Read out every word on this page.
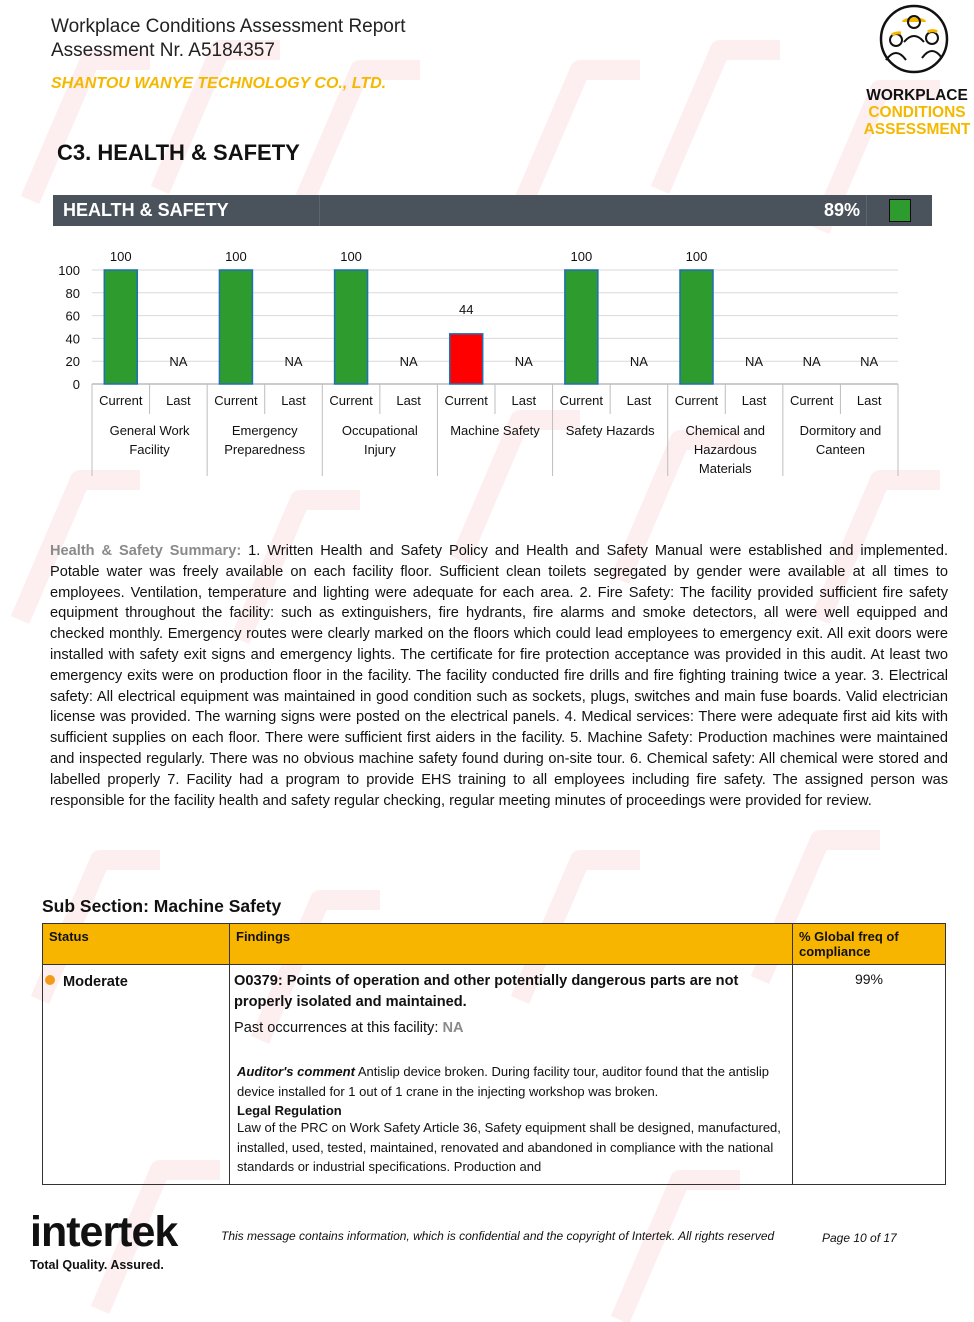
Workplace Conditions Assessment Report
Assessment Nr. A5184357
SHANTOU WANYE TECHNOLOGY CO., LTD.
WORKPLACE
CONDITIONS
ASSESSMENT
C3. HEALTH & SAFETY
HEALTH & SAFETY	89%
0
20
40
60
80
100
100
NA
Current Last
General Work
Facility
100
NA
Current Last
Emergency
Preparedness
100
NA
Current Last
Occupational
Injury
44
NA
Current Last
Machine Safety
100
NA
Current Last
Safety Hazards
100
NA
Current Last
Chemical and
Hazardous
Materials
NA	NA
Current Last
Dormitory and
Canteen
Health & Safety Summary: 1. Written Health and Safety Policy and Health and Safety Manual were established and implemented. Potable water was freely available on each facility floor. Sufficient clean toilets segregated by gender were available at all times to employees. Ventilation, temperature and lighting were adequate for each area. 2. Fire Safety: The facility provided sufficient fire safety equipment throughout the facility: such as extinguishers, fire hydrants, fire alarms and smoke detectors, all were well equipped and checked monthly. Emergency routes were clearly marked on the floors which could lead employees to emergency exit. All exit doors were installed with safety exit signs and emergency lights. The certificate for fire protection acceptance was provided in this audit. At least two emergency exits were on production floor in the facility. The facility conducted fire drills and fire fighting training twice a year. 3. Electrical safety: All electrical equipment was maintained in good condition such as sockets, plugs, switches and main fuse boards. Valid electrician license was provided. The warning signs were posted on the electrical panels. 4. Medical services: There were adequate first aid kits with sufficient supplies on each floor. There were sufficient first aiders in the facility. 5. Machine Safety: Production machines were maintained and inspected regularly. There was no obvious machine safety found during on-site tour. 6. Chemical safety: All chemical were stored and labelled properly 7. Facility had a program to provide EHS training to all employees including fire safety. The assigned person was responsible for the facility health and safety regular checking, regular meeting minutes of proceedings were provided for review.
Sub Section: Machine Safety
Status	Findings	% Global freq of compliance
Moderate	O0379: Points of operation and other potentially dangerous parts are not properly isolated and maintained.
Past occurrences at this facility: NA
Auditor's comment Antislip device broken. During facility tour, auditor found that the antislip device installed for 1 out of 1 crane in the injecting workshop was broken.
Legal Regulation
Law of the PRC on Work Safety Article 36, Safety equipment shall be designed, manufactured, installed, used, tested, maintained, renovated and abandoned in compliance with the national standards or industrial specifications. Production and	99%
intertek
Total Quality. Assured.
This message contains information, which is confidential and the copyright of Intertek. All rights reserved	Page 10 of 17
